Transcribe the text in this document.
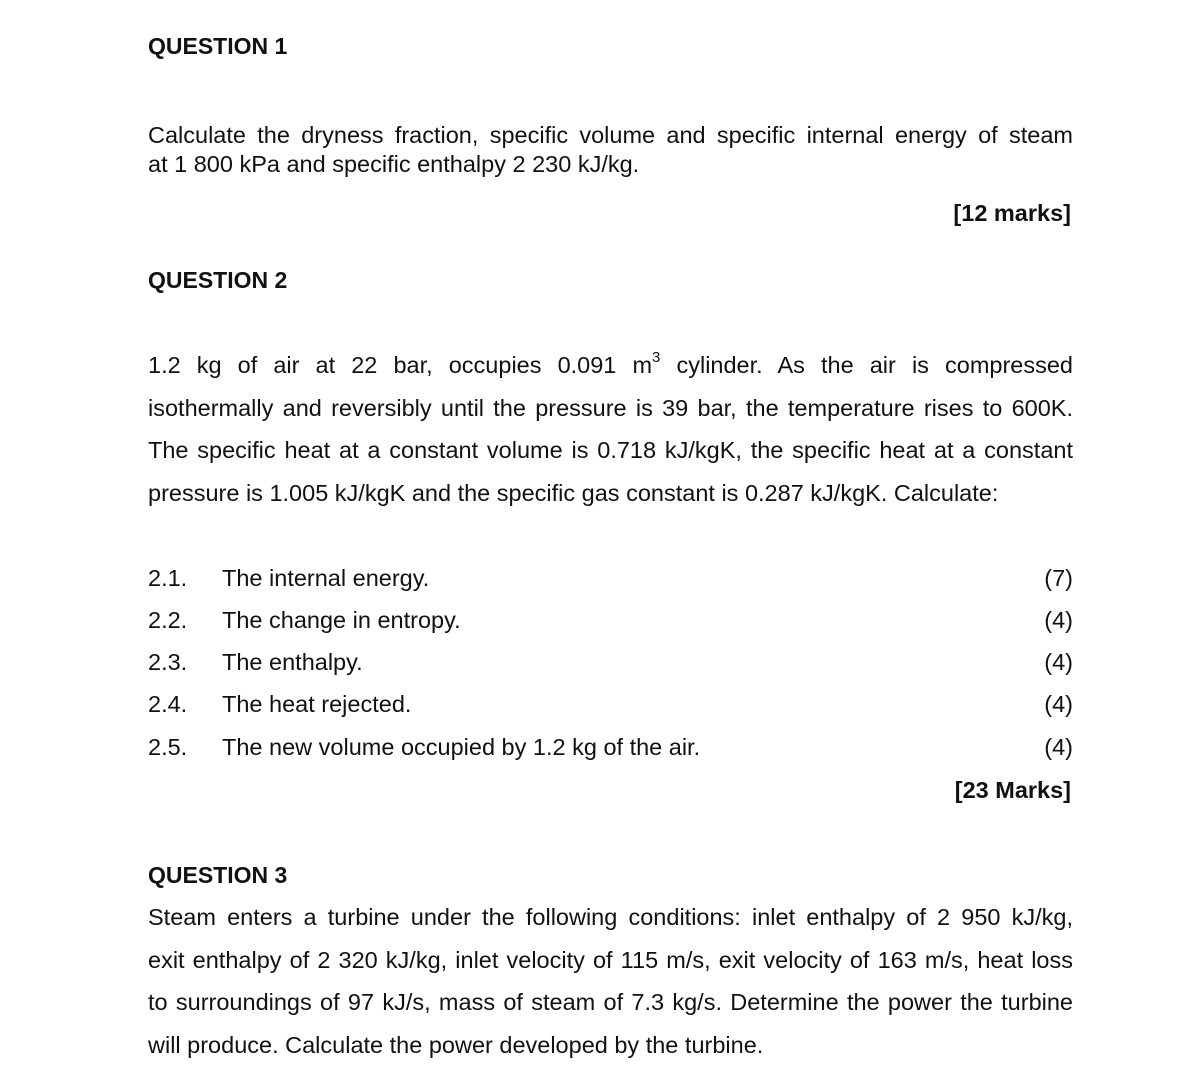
QUESTION 1
Calculate the dryness fraction, specific volume and specific internal energy of steam
at 1 800 kPa and specific enthalpy 2 230 kJ/kg.
[12 marks]
QUESTION 2
1.2 kg of air at 22 bar, occupies 0.091 $m^3$ cylinder. As the air is compressed
isothermally and reversibly until the pressure is 39 bar, the temperature rises to 600K.
The specific heat at a constant volume is 0.718 kJ/kgK, the specific heat at a constant
pressure is 1.005 kJ/kgK and the specific gas constant is 0.287 kJ/kgK. Calculate:
2.1. The internal energy.	(7)
2.2. The change in entropy.	(4)
2.3. The enthalpy.	(4)
2.4. The heat rejected.	(4)
2.5. The new volume occupied by 1.2 kg of the air.	(4)
[23 Marks]
QUESTION 3
Steam enters a turbine under the following conditions: inlet enthalpy of 2 950 kJ/kg,
exit enthalpy of 2 320 kJ/kg, inlet velocity of 115 m/s, exit velocity of 163 m/s, heat loss
to surroundings of 97 kJ/s, mass of steam of 7.3 kg/s. Determine the power the turbine
will produce. Calculate the power developed by the turbine.
